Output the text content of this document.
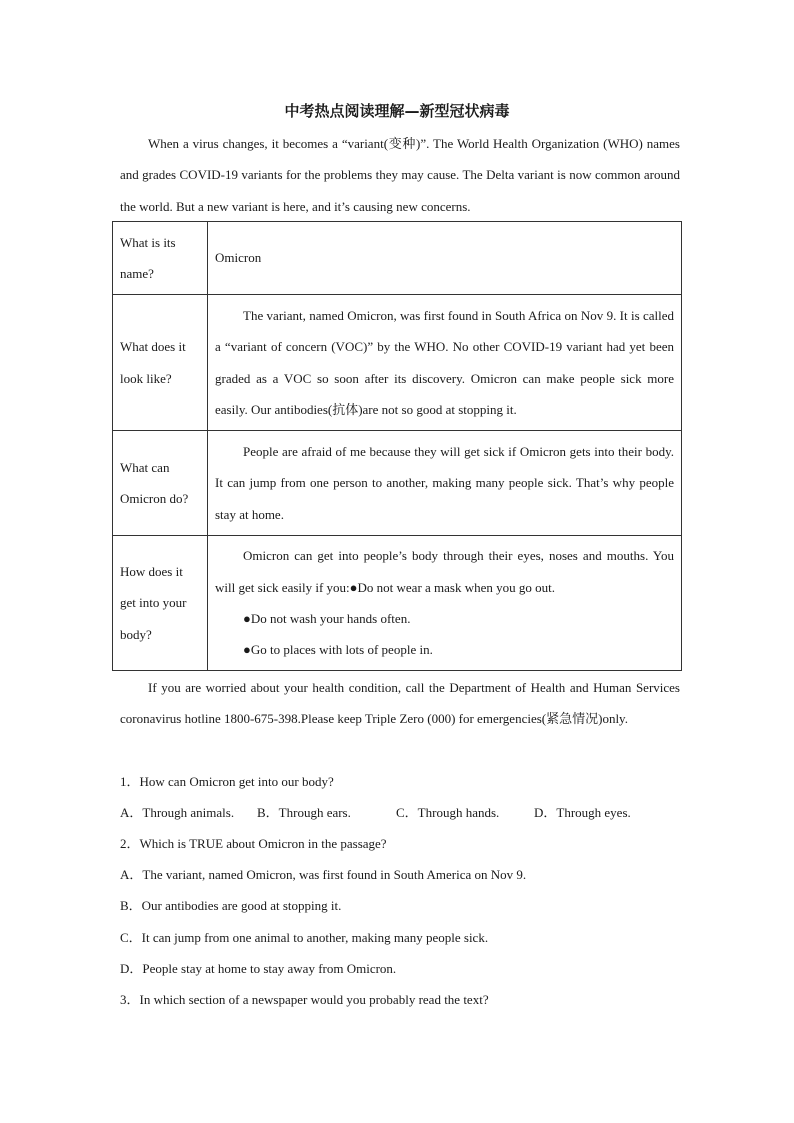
中考热点阅读理解—新型冠状病毒
When a virus changes, it becomes a “variant(变种)”. The World Health Organization (WHO) names and grades COVID-19 variants for the problems they may cause. The Delta variant is now common around the world. But a new variant is here, and it’s causing new concerns.
What is its name?	Omicron
What does it look like?	The variant, named Omicron, was first found in South Africa on Nov 9. It is called a “variant of concern (VOC)” by the WHO. No other COVID-19 variant had yet been graded as a VOC so soon after its discovery. Omicron can make people sick more easily. Our antibodies(抗体)are not so good at stopping it.
What can Omicron do?	People are afraid of me because they will get sick if Omicron gets into their body. It can jump from one person to another, making many people sick. That’s why people stay at home.
How does it get into your body?	Omicron can get into people’s body through their eyes, noses and mouths. You will get sick easily if you:●Do not wear a mask when you go out.
●Do not wash your hands often.
●Go to places with lots of people in.
If you are worried about your health condition, call the Department of Health and Human Services coronavirus hotline 1800-675-398.Please keep Triple Zero (000) for emergencies(紧急情况)only.
1．How can Omicron get into our body?
A．Through animals. B．Through ears.	C．Through hands.	D．Through eyes.
2．Which is TRUE about Omicron in the passage?
A．The variant, named Omicron, was first found in South America on Nov 9.
B．Our antibodies are good at stopping it.
C．It can jump from one animal to another, making many people sick.
D．People stay at home to stay away from Omicron.
3．In which section of a newspaper would you probably read the text?
